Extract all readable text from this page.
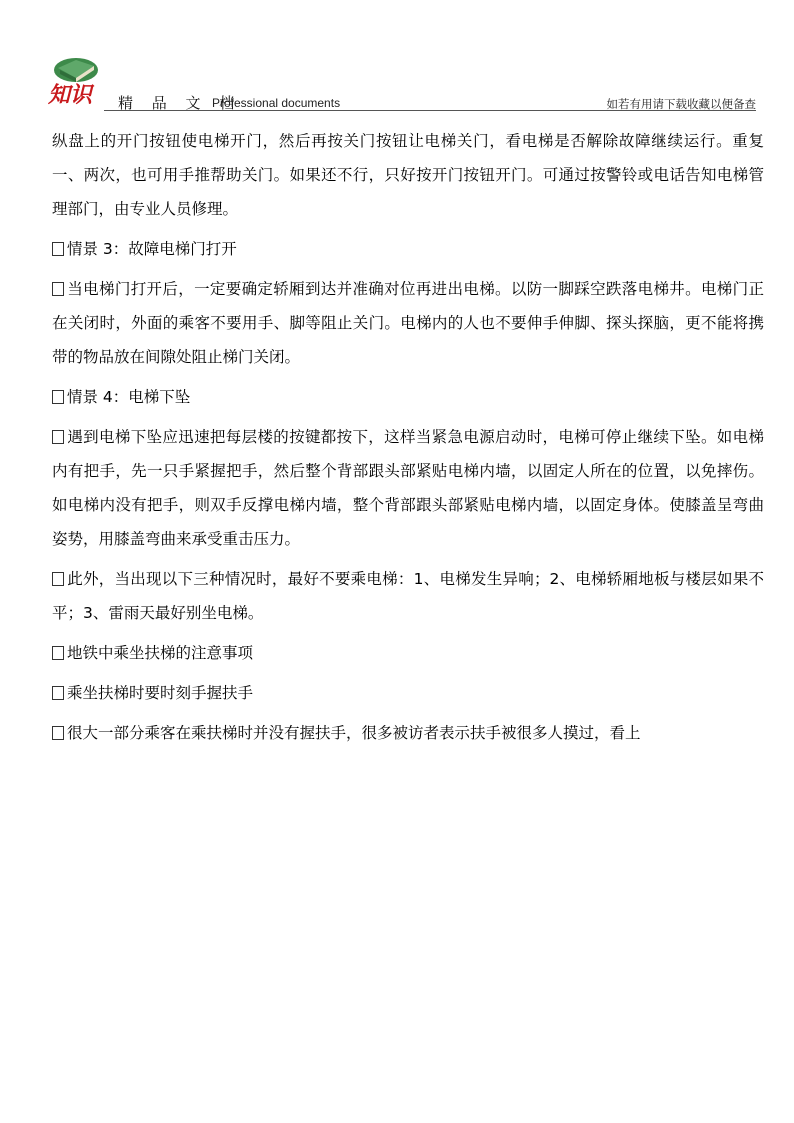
知识 精 品 文 档
Professional documents	如若有用请下载收藏以便备查

纵盘上的开门按钮使电梯开门，然后再按关门按钮让电梯关门，看电梯是否解除故障继续运行。重复一、两次，也可用手推帮助关门。如果还不行，只好按开门按钮开门。可通过按警铃或电话告知电梯管理部门，由专业人员修理。

情景 3：故障电梯门打开

当电梯门打开后，一定要确定轿厢到达并准确对位再进出电梯。以防一脚踩空跌落电梯井。电梯门正在关闭时，外面的乘客不要用手、脚等阻止关门。电梯内的人也不要伸手伸脚、探头探脑，更不能将携带的物品放在间隙处阻止梯门关闭。

情景 4：电梯下坠

遇到电梯下坠应迅速把每层楼的按键都按下，这样当紧急电源启动时，电梯可停止继续下坠。如电梯内有把手，先一只手紧握把手，然后整个背部跟头部紧贴电梯内墙，以固定人所在的位置，以免摔伤。如电梯内没有把手，则双手反撑电梯内墙，整个背部跟头部紧贴电梯内墙，以固定身体。使膝盖呈弯曲姿势，用膝盖弯曲来承受重击压力。

此外，当出现以下三种情况时，最好不要乘电梯：1、电梯发生异响；2、电梯轿厢地板与楼层如果不平；3、雷雨天最好别坐电梯。

地铁中乘坐扶梯的注意事项

乘坐扶梯时要时刻手握扶手

很大一部分乘客在乘扶梯时并没有握扶手，很多被访者表示扶手被很多人摸过，看上
